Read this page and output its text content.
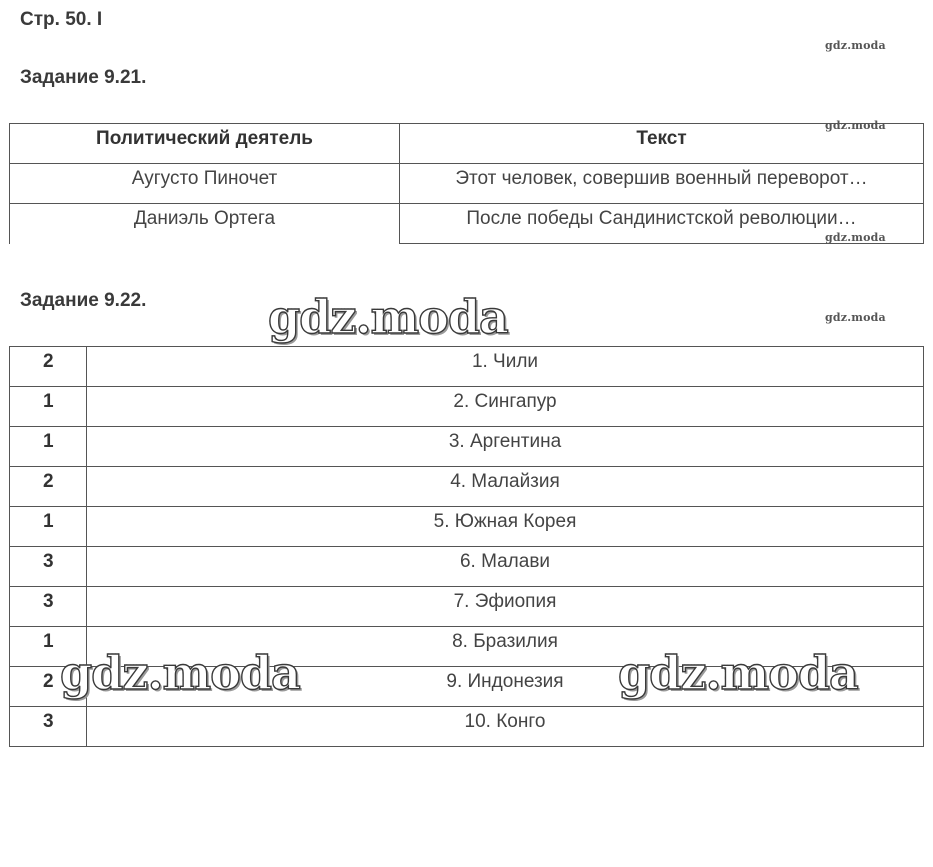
Стр. 50. I
gdz.moda
Задание 9.21.
Политический деятель	Текст
Аугусто Пиночет	Этот человек, совершив военный переворот…
Даниэль Ортега	После победы Сандинистской революции…
gdz.moda
gdz.moda
Задание 9.22.
gdz.moda
2	1. Чили
1	2. Сингапур
1	3. Аргентина
2	4. Малайзия
1	5. Южная Корея
3	6. Малави
3	7. Эфиопия
1	8. Бразилия
2	9. Индонезия
3	10. Конго
gdz.moda
gdz.moda	gdz.moda
